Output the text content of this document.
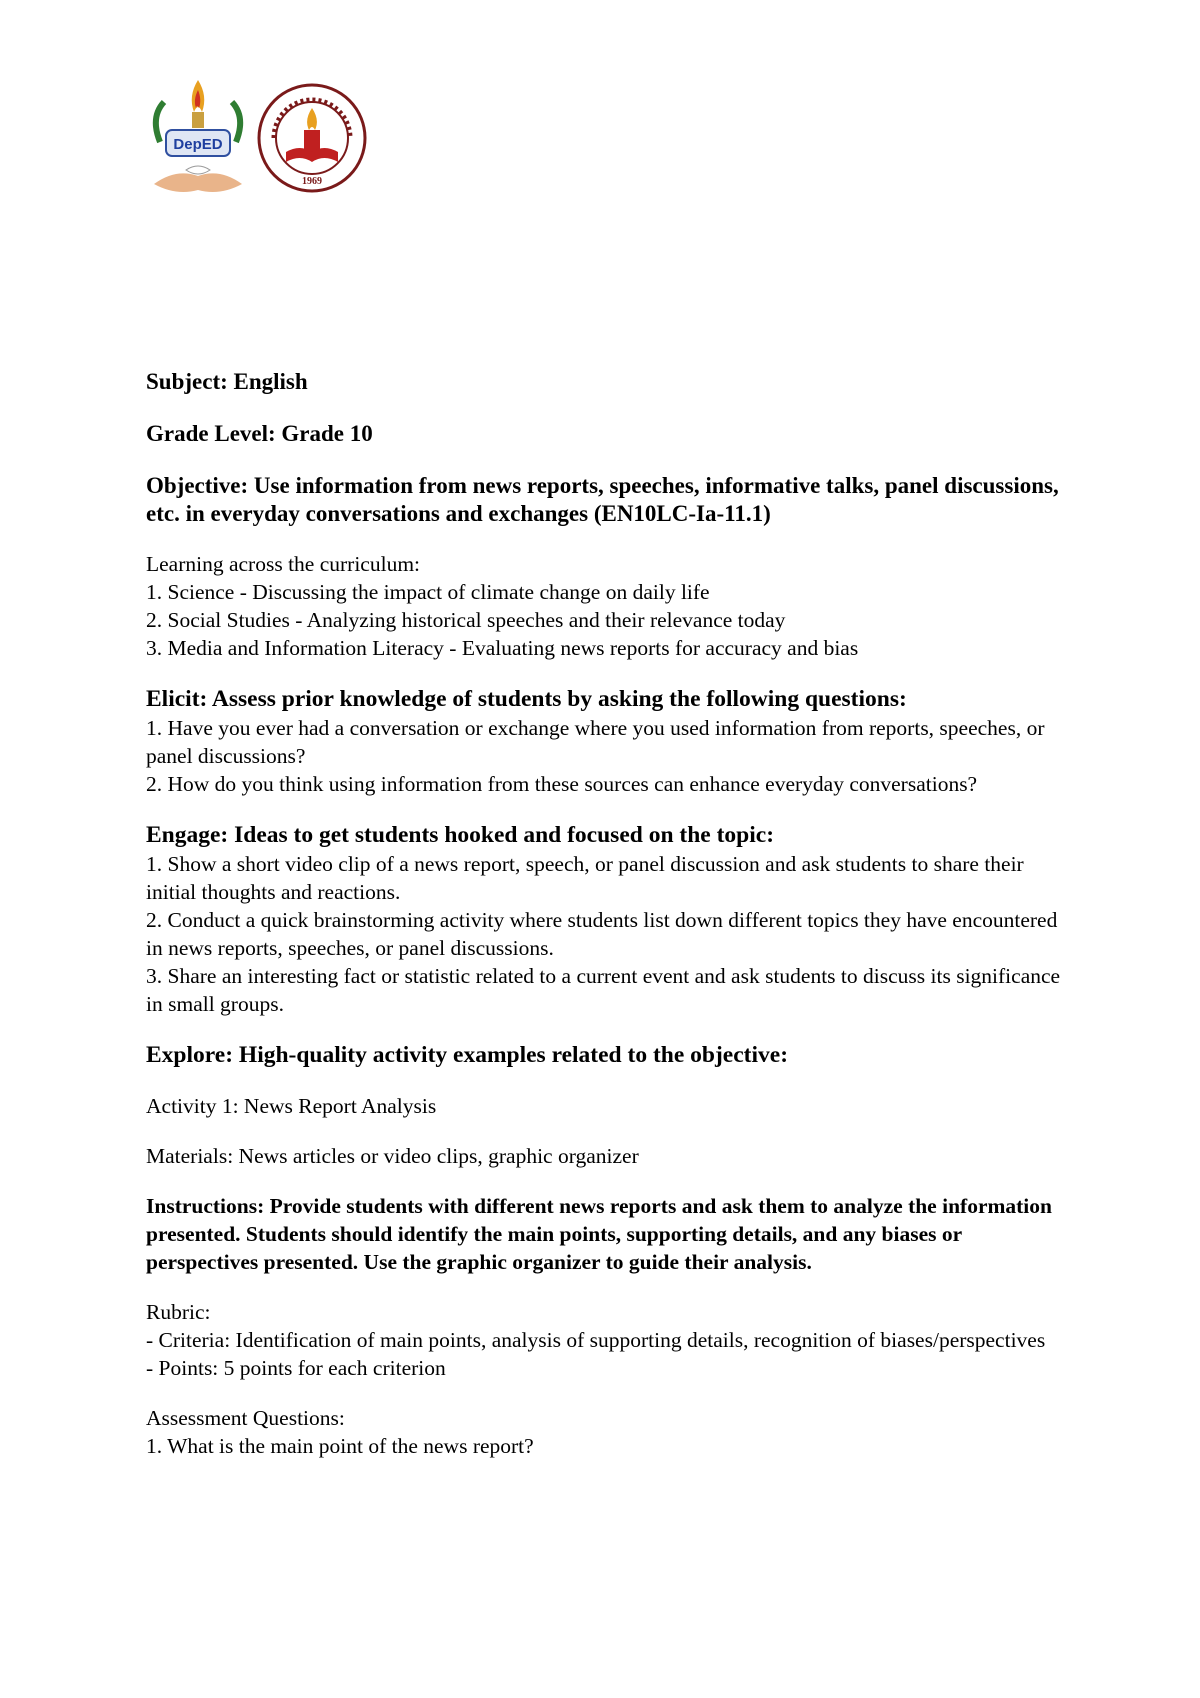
DepED
1969

Subject: English

Grade Level: Grade 10

Objective: Use information from news reports, speeches, informative talks, panel discussions, etc. in everyday conversations and exchanges (EN10LC-Ia-11.1)

Learning across the curriculum:

1. Science - Discussing the impact of climate change on daily life

2. Social Studies - Analyzing historical speeches and their relevance today

3. Media and Information Literacy - Evaluating news reports for accuracy and bias

Elicit: Assess prior knowledge of students by asking the following questions:

1. Have you ever had a conversation or exchange where you used information from reports, speeches, or panel discussions?

2. How do you think using information from these sources can enhance everyday conversations?

Engage: Ideas to get students hooked and focused on the topic:

1. Show a short video clip of a news report, speech, or panel discussion and ask students to share their initial thoughts and reactions.

2. Conduct a quick brainstorming activity where students list down different topics they have encountered in news reports, speeches, or panel discussions.

3. Share an interesting fact or statistic related to a current event and ask students to discuss its significance in small groups.

Explore: High-quality activity examples related to the objective:

Activity 1: News Report Analysis

Materials: News articles or video clips, graphic organizer

Instructions: Provide students with different news reports and ask them to analyze the information presented. Students should identify the main points, supporting details, and any biases or perspectives presented. Use the graphic organizer to guide their analysis.

Rubric:

- Criteria: Identification of main points, analysis of supporting details, recognition of biases/perspectives

- Points: 5 points for each criterion

Assessment Questions:

1. What is the main point of the news report?
